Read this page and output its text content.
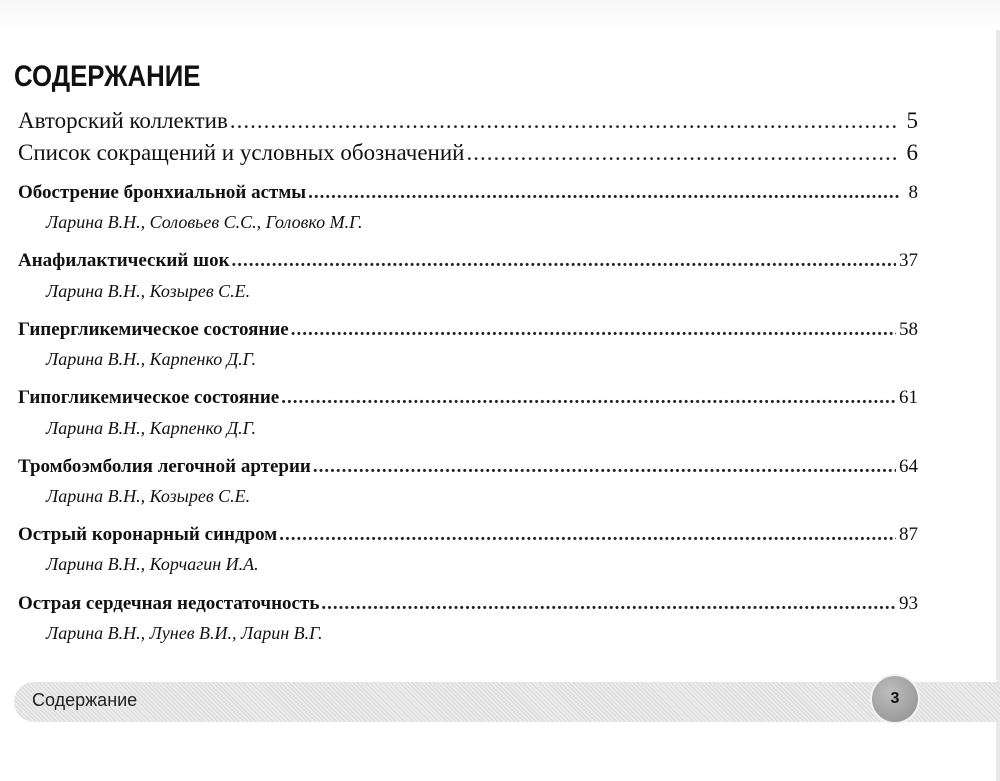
СОДЕРЖАНИЕ
Авторский коллектив .....	5
Список сокращений и условных обозначений .....	6
Обострение бронхиальной астмы .....	8
Ларина В.Н., Соловьев С.С., Головко М.Г.
Анафилактический шок .....	37
Ларина В.Н., Козырев С.Е.
Гипергликемическое состояние .....	58
Ларина В.Н., Карпенко Д.Г.
Гипогликемическое состояние .....	61
Ларина В.Н., Карпенко Д.Г.
Тромбоэмболия легочной артерии .....	64
Ларина В.Н., Козырев С.Е.
Острый коронарный синдром .....	87
Ларина В.Н., Корчагин И.А.
Острая сердечная недостаточность .....	93
Ларина В.Н., Лунев В.И., Ларин В.Г.
Содержание	3
